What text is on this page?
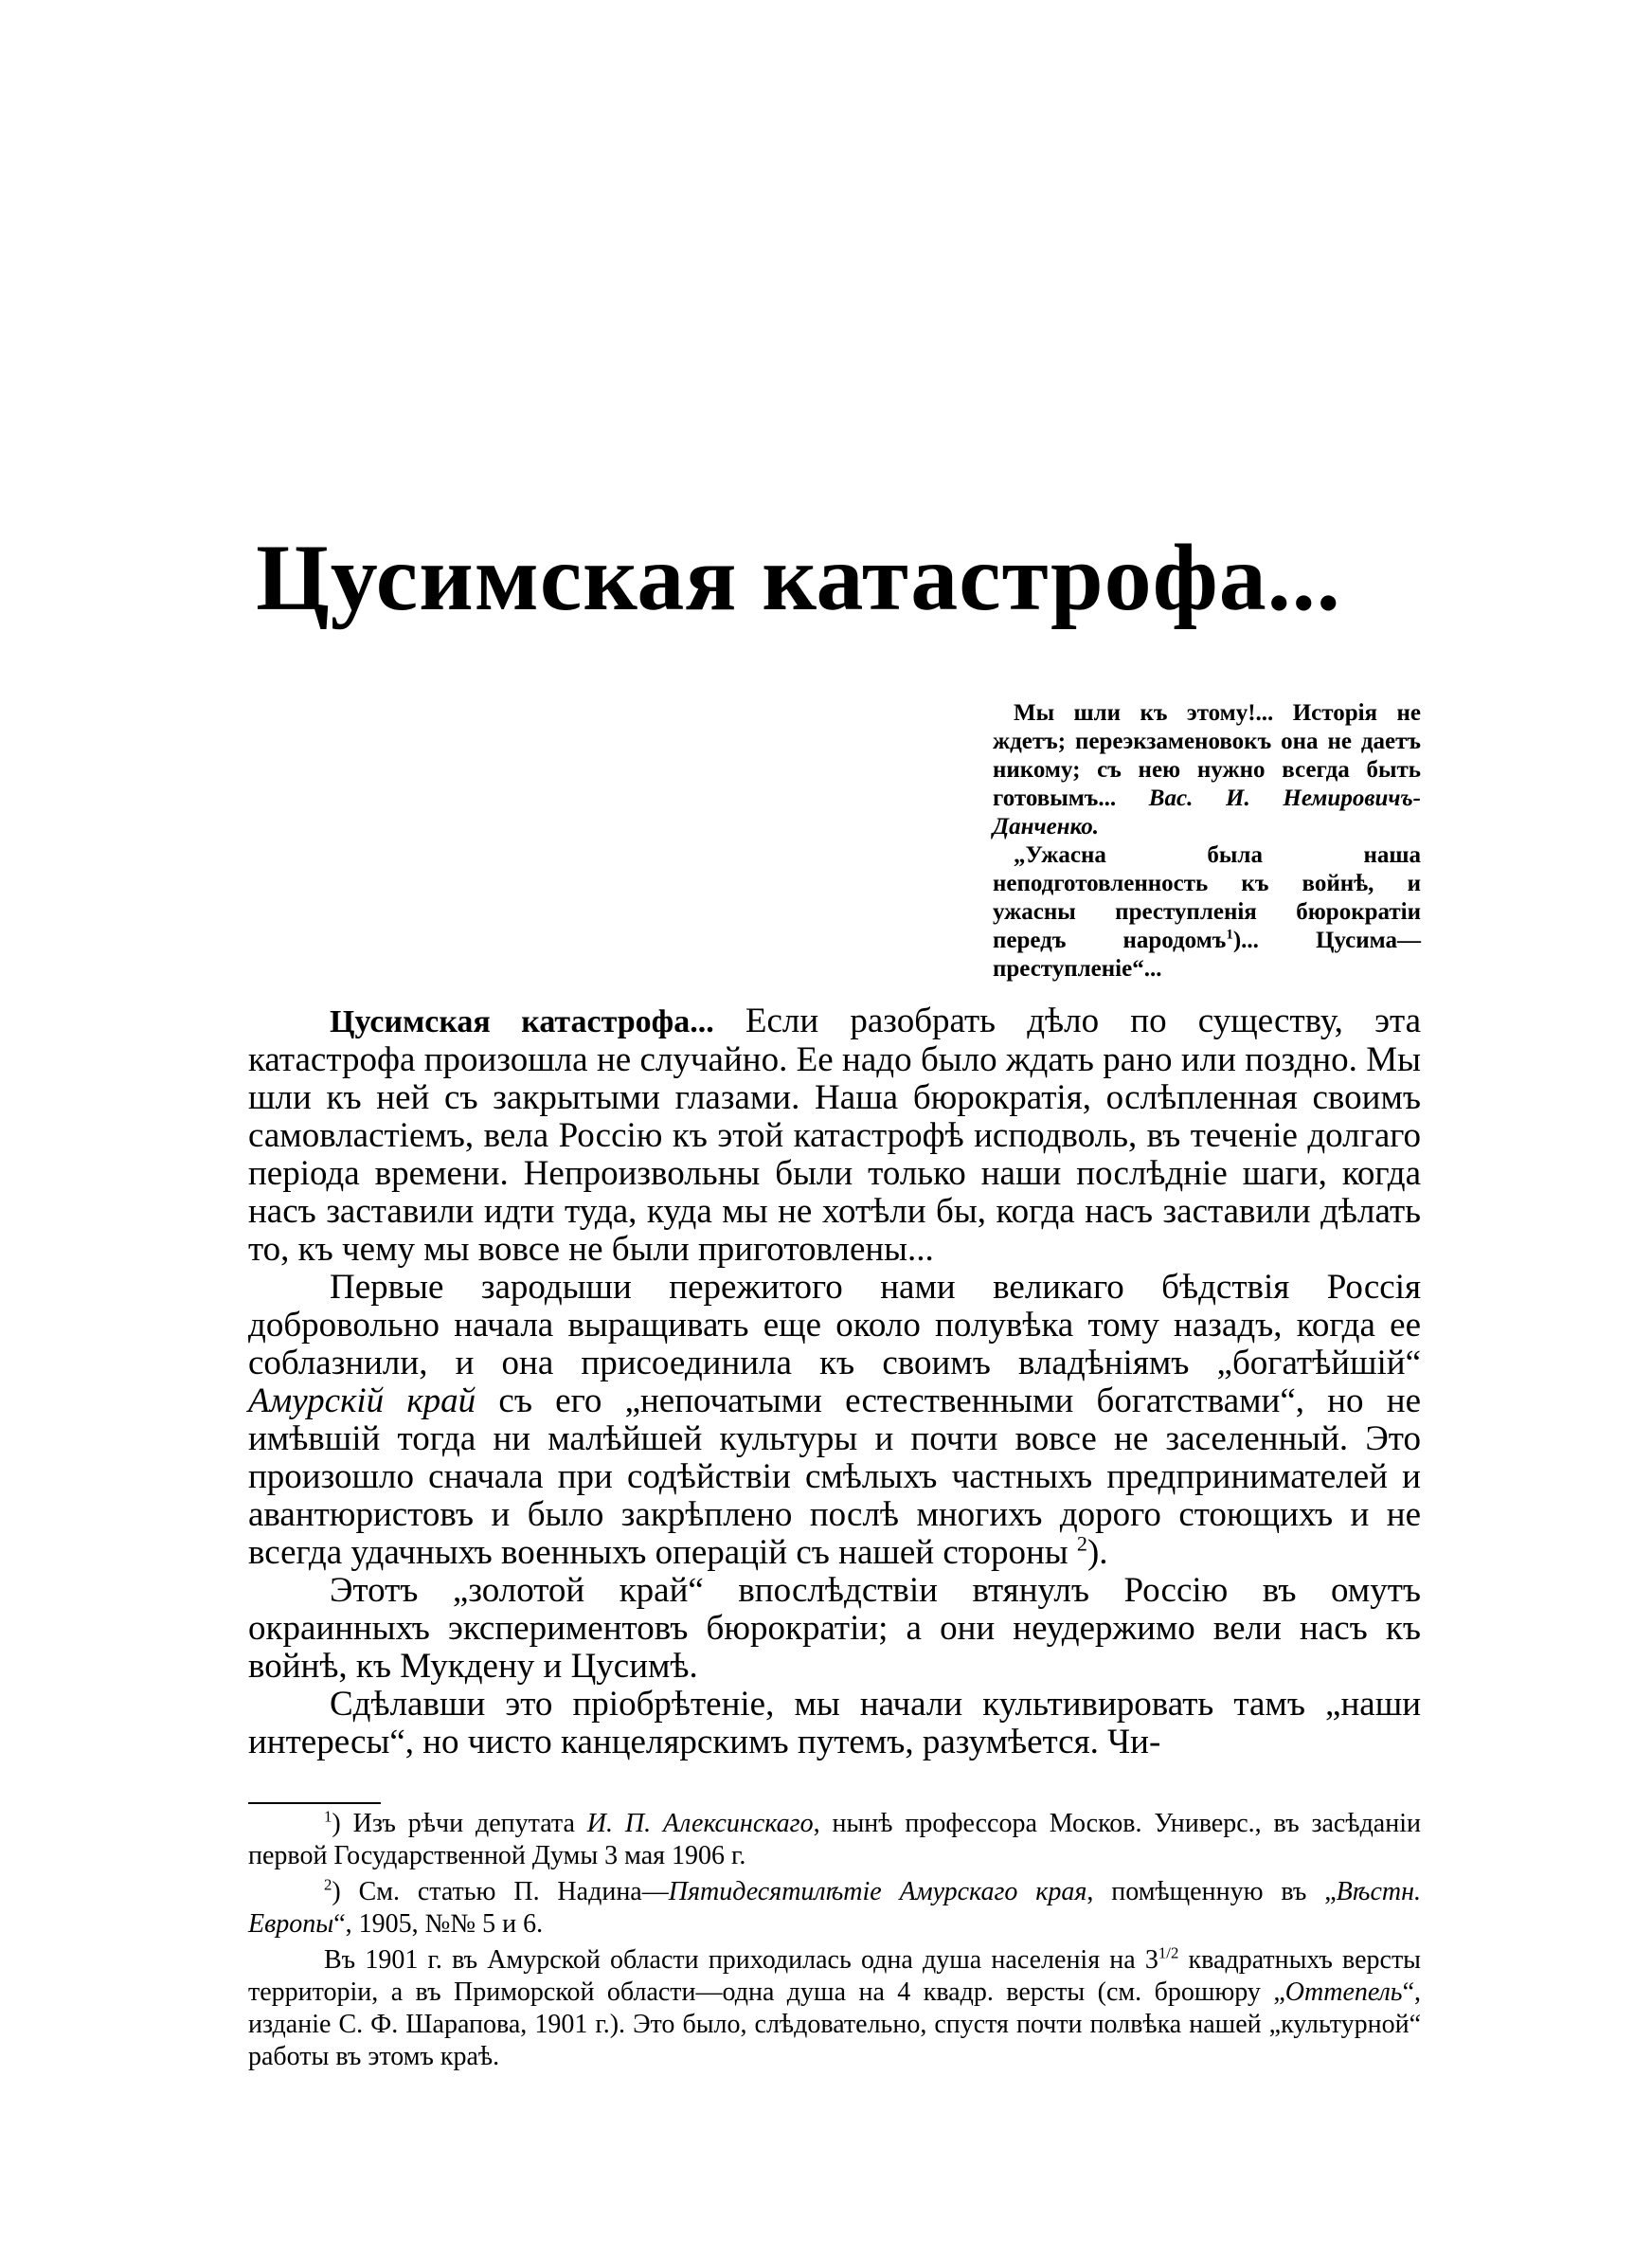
Цусимская катастрофа...

Мы шли къ этому!... Исторія не ждетъ; переэкзаменовокъ она не даетъ никому; съ нею нужно всегда быть готовымъ... Вас. И. Немировичъ-Данченко.

„Ужасна была наша неподготовленность къ войнѣ, и ужасны преступленія бюрократіи передъ народомъ$^1$)... Цусима—преступленіе“...

Цусимская катастрофа... Если разобрать дѣло по существу, эта катастрофа произошла не случайно. Ее надо было ждать рано или поздно. Мы шли къ ней съ закрытыми глазами. Наша бюрократія, ослѣпленная своимъ самовластіемъ, вела Россію къ этой катастрофѣ исподволь, въ теченіе долгаго періода времени. Непроизвольны были только наши послѣдніе шаги, когда насъ заставили идти туда, куда мы не хотѣли бы, когда насъ заставили дѣлать то, къ чему мы вовсе не были приготовлены...

Первые зародыши пережитого нами великаго бѣдствія Россія добровольно начала выращивать еще около полувѣка тому назадъ, когда ее соблазнили, и она присоединила къ своимъ владѣніямъ „богатѣйшій“ Амурскій край съ его „непочатыми естественными богатствами“, но не имѣвшій тогда ни малѣйшей культуры и почти вовсе не заселенный. Это произошло сначала при содѣйствіи смѣлыхъ частныхъ предпринимателей и авантюристовъ и было закрѣплено послѣ многихъ дорого стоющихъ и не всегда удачныхъ военныхъ операцій съ нашей стороны $^2$).

Этотъ „золотой край“ впослѣдствіи втянулъ Россію въ омутъ окраинныхъ экспериментовъ бюрократіи; а они неудержимо вели насъ къ войнѣ, къ Мукдену и Цусимѣ.

Сдѣлавши это пріобрѣтеніе, мы начали культивировать тамъ „наши интересы“, но чисто канцелярскимъ путемъ, разумѣется. Чи-

$^1$) Изъ рѣчи депутата И. П. Алексинскаго, нынѣ профессора Москов. Универс., въ засѣданіи первой Государственной Думы 3 мая 1906 г.

$^2$) См. статью П. Надина—Пятидесятилѣтіе Амурскаго края, помѣщенную въ „Вѣстн. Европы“, 1905, №№ 5 и 6.

Въ 1901 г. въ Амурской области приходилась одна душа населенія на $3^{1/2}$ квадратныхъ версты территоріи, а въ Приморской области—одна душа на 4 квадр. версты (см. брошюру „Оттепель“, изданіе С. Ф. Шарапова, 1901 г.). Это было, слѣдовательно, спустя почти полвѣка нашей „культурной“ работы въ этомъ краѣ.
